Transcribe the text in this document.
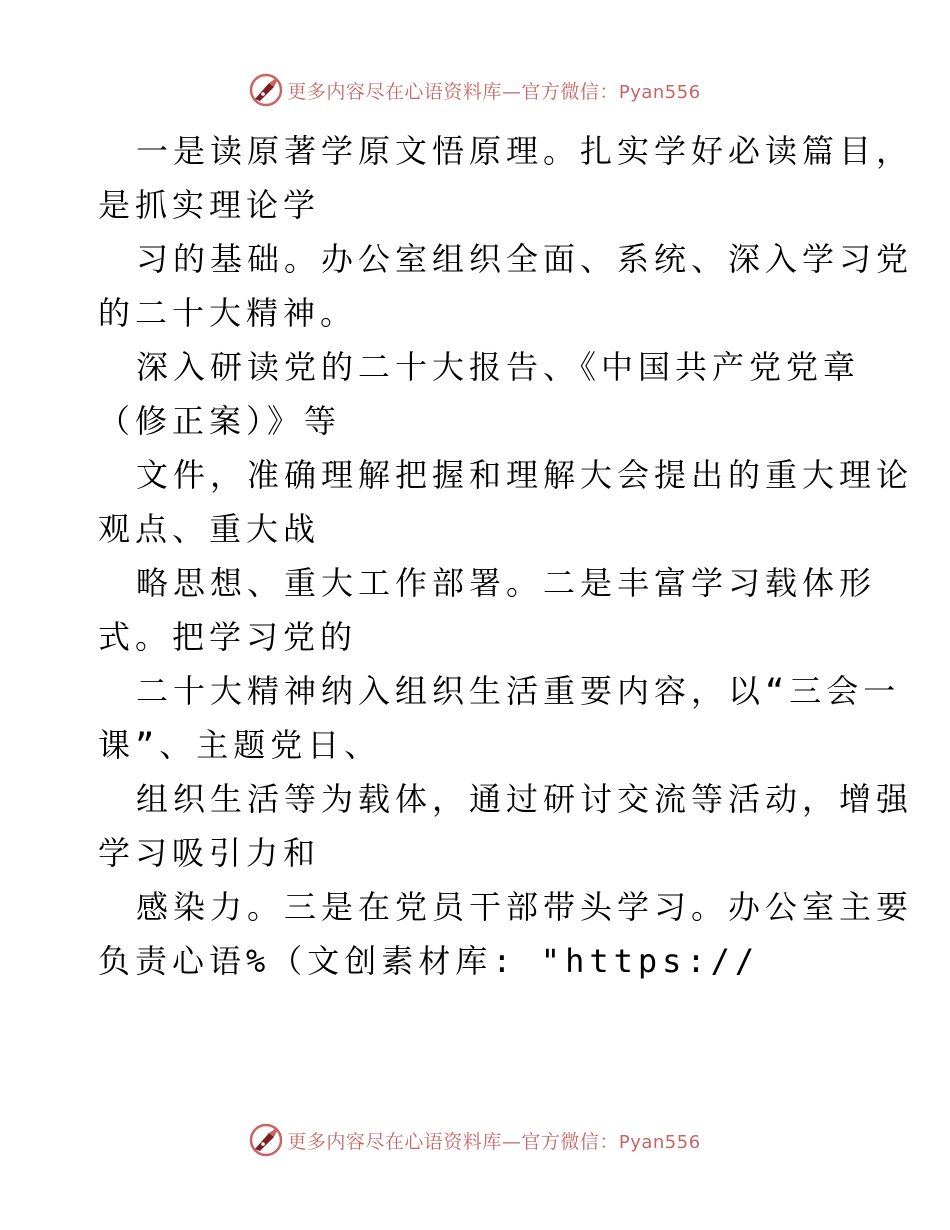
更多内容尽在心语资料库—官方微信：Pyan556
一是读原著学原文悟原理。扎实学好必读篇目，
是抓实理论学
习的基础。办公室组织全面、系统、深入学习党
的二十大精神。
深入研读党的二十大报告、《中国共产党党章
（修正案）》等
文件，准确理解把握和理解大会提出的重大理论
观点、重大战
略思想、重大工作部署。二是丰富学习载体形
式。把学习党的
二十大精神纳入组织生活重要内容，以“三会一
课”、主题党日、
组织生活等为载体，通过研讨交流等活动，增强
学习吸引力和
感染力。三是在党员干部带头学习。办公室主要
负责心语%（文创素材库: "https://
更多内容尽在心语资料库—官方微信：Pyan556
